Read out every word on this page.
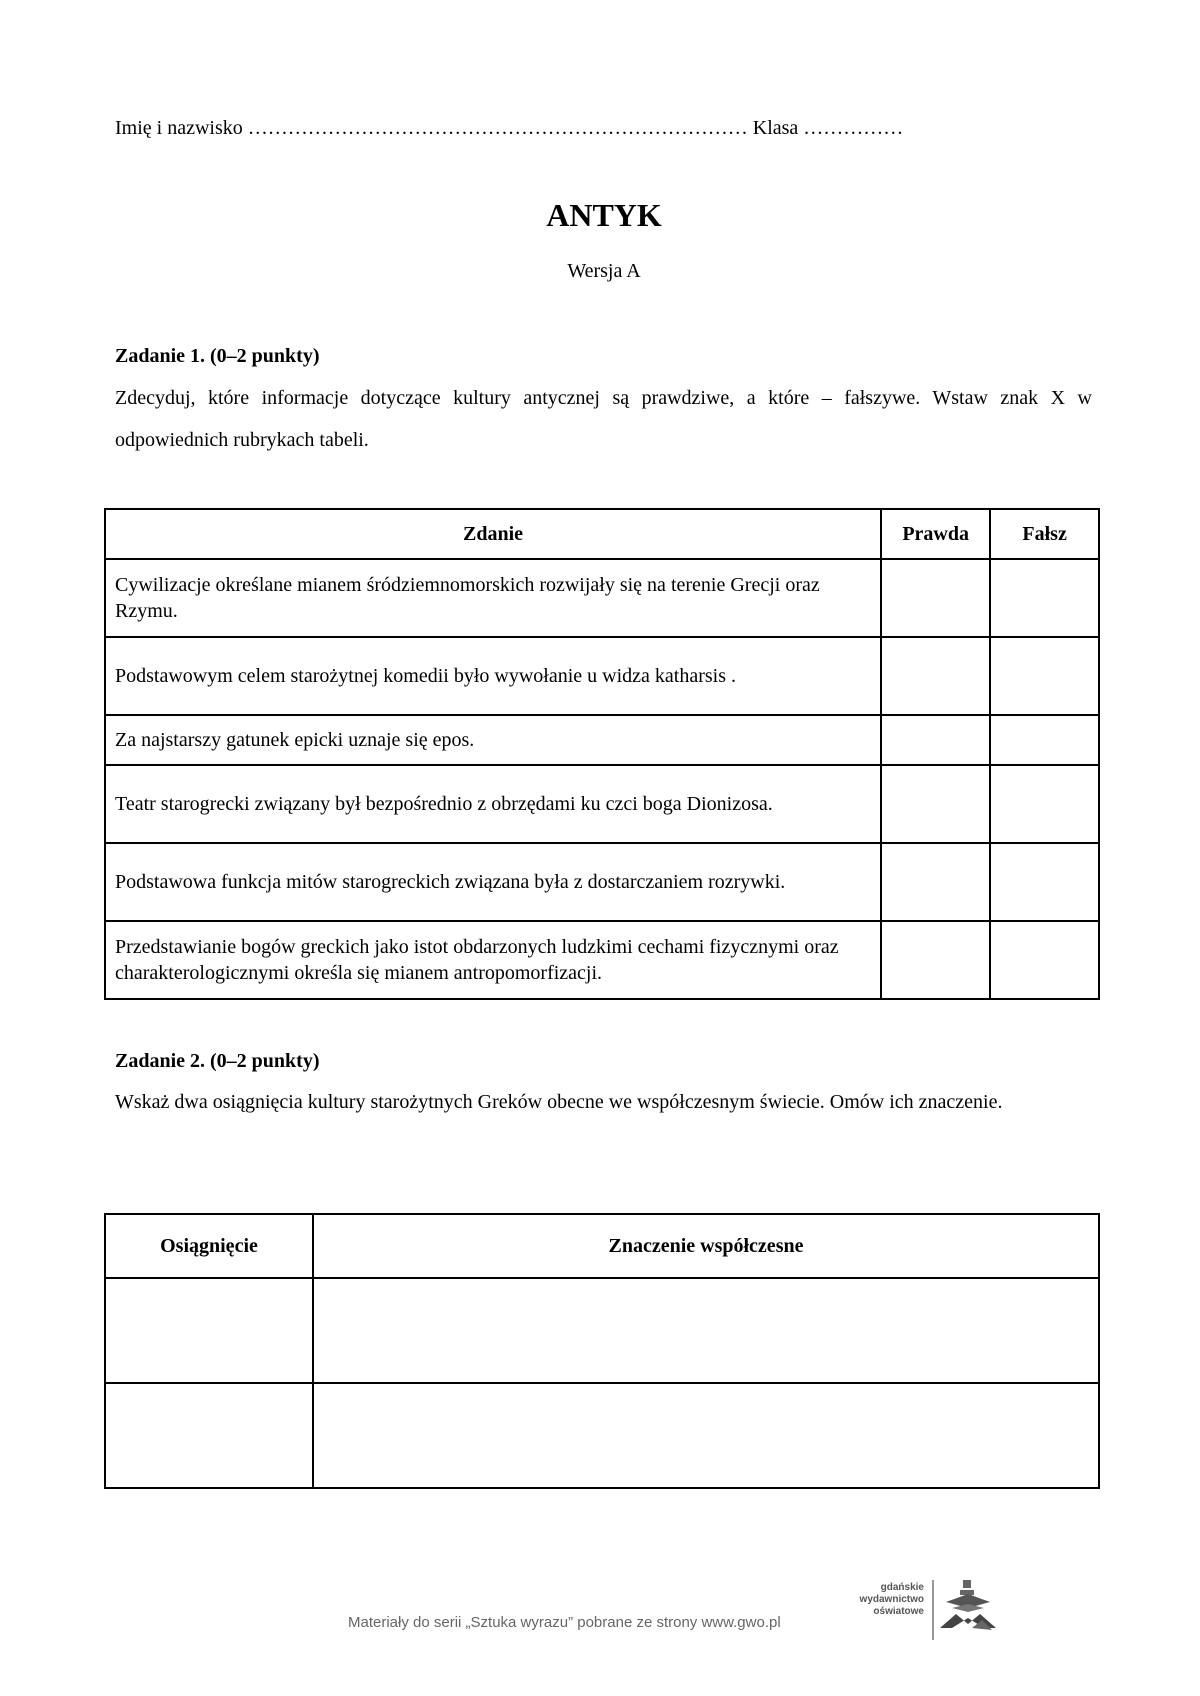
Imię i nazwisko ………………………………………………………………… Klasa ……………
ANTYK
Wersja A
Zadanie 1. (0–2 punkty)
Zdecyduj, które informacje dotyczące kultury antycznej są prawdziwe, a które – fałszywe. Wstaw znak X w odpowiednich rubrykach tabeli.
Zdanie	Prawda	Fałsz
Cywilizacje określane mianem śródziemnomorskich rozwijały się na terenie Grecji oraz Rzymu.		
Podstawowym celem starożytnej komedii było wywołanie u widza katharsis .		
Za najstarszy gatunek epicki uznaje się epos.		
Teatr starogrecki związany był bezpośrednio z obrzędami ku czci boga Dionizosa.		
Podstawowa funkcja mitów starogreckich związana była z dostarczaniem rozrywki.		
Przedstawianie bogów greckich jako istot obdarzonych ludzkimi cechami fizycznymi oraz charakterologicznymi określa się mianem antropomorfizacji.		
Zadanie 2. (0–2 punkty)
Wskaż dwa osiągnięcia kultury starożytnych Greków obecne we współczesnym świecie. Omów ich znaczenie.
Osiągnięcie	Znaczenie współczesne

Materiały do serii „Sztuka wyrazu” pobrane ze strony www.gwo.pl
gdańskie
wydawnictwo
oświatowe
